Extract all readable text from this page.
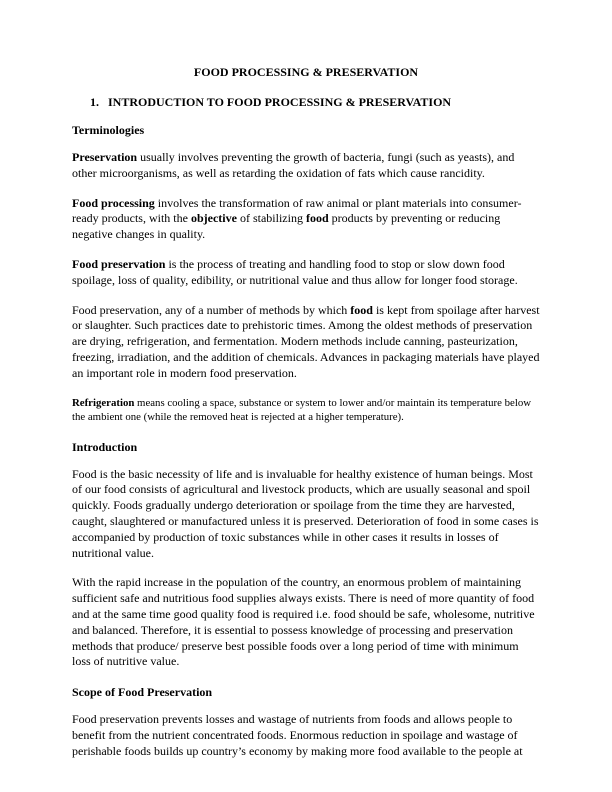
FOOD PROCESSING & PRESERVATION
1. INTRODUCTION TO FOOD PROCESSING & PRESERVATION
Terminologies

Preservation usually involves preventing the growth of bacteria, fungi (such as yeasts), and other microorganisms, as well as retarding the oxidation of fats which cause rancidity.

Food processing involves the transformation of raw animal or plant materials into consumer-ready products, with the objective of stabilizing food products by preventing or reducing negative changes in quality.

Food preservation is the process of treating and handling food to stop or slow down food spoilage, loss of quality, edibility, or nutritional value and thus allow for longer food storage.

Food preservation, any of a number of methods by which food is kept from spoilage after harvest or slaughter. Such practices date to prehistoric times. Among the oldest methods of preservation are drying, refrigeration, and fermentation. Modern methods include canning, pasteurization, freezing, irradiation, and the addition of chemicals. Advances in packaging materials have played an important role in modern food preservation.

Refrigeration means cooling a space, substance or system to lower and/or maintain its temperature below the ambient one (while the removed heat is rejected at a higher temperature).

Introduction

Food is the basic necessity of life and is invaluable for healthy existence of human beings. Most of our food consists of agricultural and livestock products, which are usually seasonal and spoil quickly. Foods gradually undergo deterioration or spoilage from the time they are harvested, caught, slaughtered or manufactured unless it is preserved. Deterioration of food in some cases is accompanied by production of toxic substances while in other cases it results in losses of nutritional value.

With the rapid increase in the population of the country, an enormous problem of maintaining sufficient safe and nutritious food supplies always exists. There is need of more quantity of food and at the same time good quality food is required i.e. food should be safe, wholesome, nutritive and balanced. Therefore, it is essential to possess knowledge of processing and preservation methods that produce/ preserve best possible foods over a long period of time with minimum loss of nutritive value.

Scope of Food Preservation

Food preservation prevents losses and wastage of nutrients from foods and allows people to benefit from the nutrient concentrated foods. Enormous reduction in spoilage and wastage of perishable foods builds up country’s economy by making more food available to the people at
